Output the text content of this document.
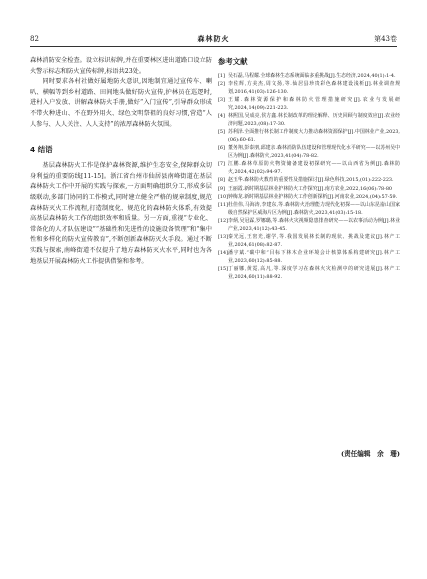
82	森林防火	第43卷

森林消防安全检查。设立标识标牌,并在重要林区进出道路口设立防火警示标志和防火宣传标牌,标语共23处。

同时要求各村社做好属地防火意识,因地制宜通过宣传车、喇叭、横幅等到乡村道路、田间地头做好防火宣传,护林员在巡逻时,进村入户发放、讲解森林防火手册,做好“入门宣传”,引导群众形成不带火种进山、不在野外用火、绿色文明祭祖的良好习惯,营造“人人参与、人人关注、人人支持”的浓厚森林防火氛围。

4 结语

基层森林防火工作是保护森林资源,维护生态安全,保障群众切身利益的重要防线[11-15]。浙江省台州市仙居县南峰街道在基层森林防火工作中开展的实践与探索,一方面明确组织分工,形成多层级联动,多部门协同的工作模式,同时建立健全严格的规章制度,规范森林防灭火工作流程,打造制度化、规范化的森林防火体系,有效提高基层森林防火工作的组织效率和质量。另一方面,重视“专业化、常备化的人才队伍建设”“基础性和先进性的设施设备管理”和“集中性和多样化的防火宣传教育”,不断创新森林防灭火手段。通过不断实践与探索,南峰街道不仅提升了地方森林防灭火水平,同时也为各地基层开展森林防火工作提供借鉴和参考。

参考文献
[1] 吴石磊,马程耀.全球森林生态系统面临多重挑战[J].生态经济,2024,40(1):1-4.
[2] 李佐辉,方美杰,周文扬,等.仙居县珍贵彩色森林建设浅析[J].林业调查规划,2016,41(03):126-130.
[3] 王耀.森林资源保护和森林防火管理措施研究[J].农业与发展研究,2024,14(09):221-223.
[4] 林熙国,吴成亮,侯方鑫.林长制改革的理论解释、历史回顾与制度效应[J].农业经济问题,2023,(08):17-30.
[5] 苏利泽.全面推行林长制工作制度大力推动森林资源保护[J].中国林业产业,2023,(06):60-61.
[6] 董务翔,彭泰朋,邱建亲.森林消防队伍建设和管理现代化水平研究——以苏州吴中区为例[J].森林防火,2023,41(04):78-82.
[7] 江鹏.森林草原防火物资储备建设初探研究——以山西省为例[J].森林防火,2024,42(02):94-97.
[8] 赵玉华.森林防火教育的重要性及措施探讨[J].绿色科技,2015,(01):222-223.
[9] 王丽霞.新时期基层林业护林防火工作探究[J].南方农业,2022,16(06):78-80
[10] 钟梅龙.新时期基层林业护林防火工作创新探析[J].河南农业,2024,(04):57-59.
[11] 杜佳伟,马海涛,李建东,等.森林防火治理能力现代化初探——以山东昆嵛山国家级自然保护区威海片区为例[J].森林防火,2023,41(03):15-18.
[12] 李炳,吴冠霖,罗娜璐,等.森林火灾视频隐患排查研究——以农事活动为例[J].林业产业,2023,41(12):43-45.
[13] 秦光远,王密光,谢学,等.我国发展林长制的现状、挑战及建议[J].林产工业,2024,61(08):82-87.
[14] 潘宇斌.“碳中和”目标下林木企业环境会计核算体系构建研究[J].林产工业,2023,60(12):85-88.
[15] 丁丽娜,黄霓,高凡,等.深度学习在森林火灾检测中的研究进展[J].林产工业,2024,60(11):88-92.
(责任编辑　余　珊)
